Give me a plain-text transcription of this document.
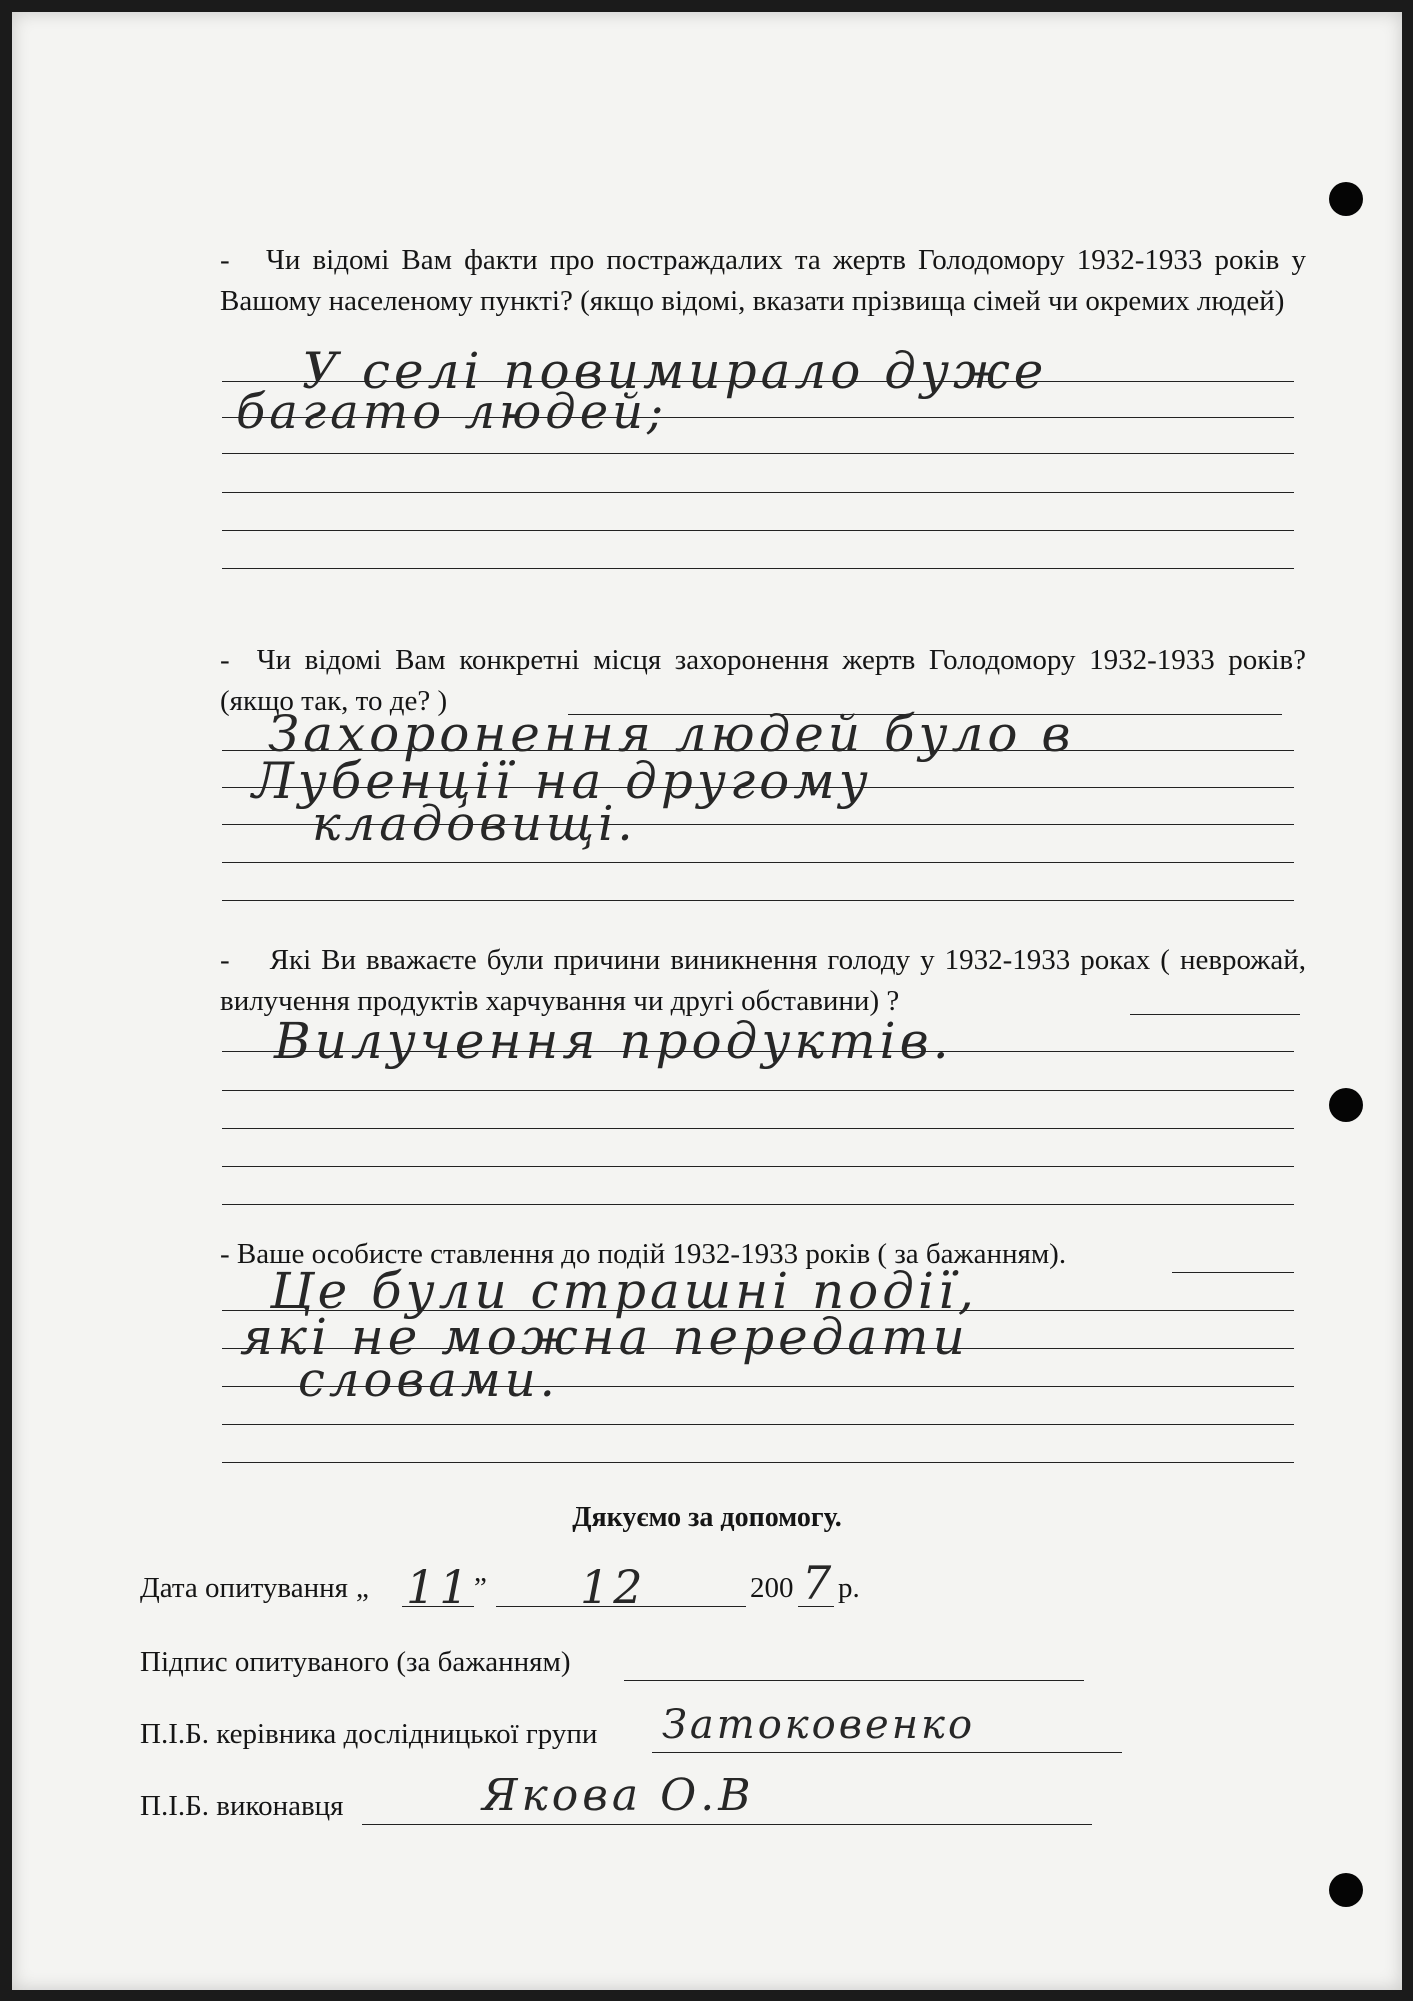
-   Чи відомі Вам факти про постраждалих та жертв Голодомору 1932-1933 років у Вашому населеному пункті? (якщо відомі, вказати прізвища сімей чи окремих людей)
У селі повимирало дуже
багато людей;
-  Чи відомі Вам конкретні місця захоронення жертв Голодомору 1932-1933 років? (якщо так, то де? )
Захоронення людей було в
Лубенції на другому
кладовищі.
-    Які Ви вважаєте були причини виникнення голоду у 1932-1933 роках ( неврожай, вилучення продуктів харчування чи другі обставини) ?
Вилучення продуктів.
- Ваше особисте ставлення до подій 1932-1933 років ( за бажанням).
Це були страшні події,
які не можна передати
словами.
Дякуємо за допомогу.
Дата опитування „ 11 ” 12	200 7 р.
Підпис опитуваного (за бажанням)
П.І.Б. керівника дослідницької групи Затоковенко
П.І.Б. виконавця	Якова О.В
